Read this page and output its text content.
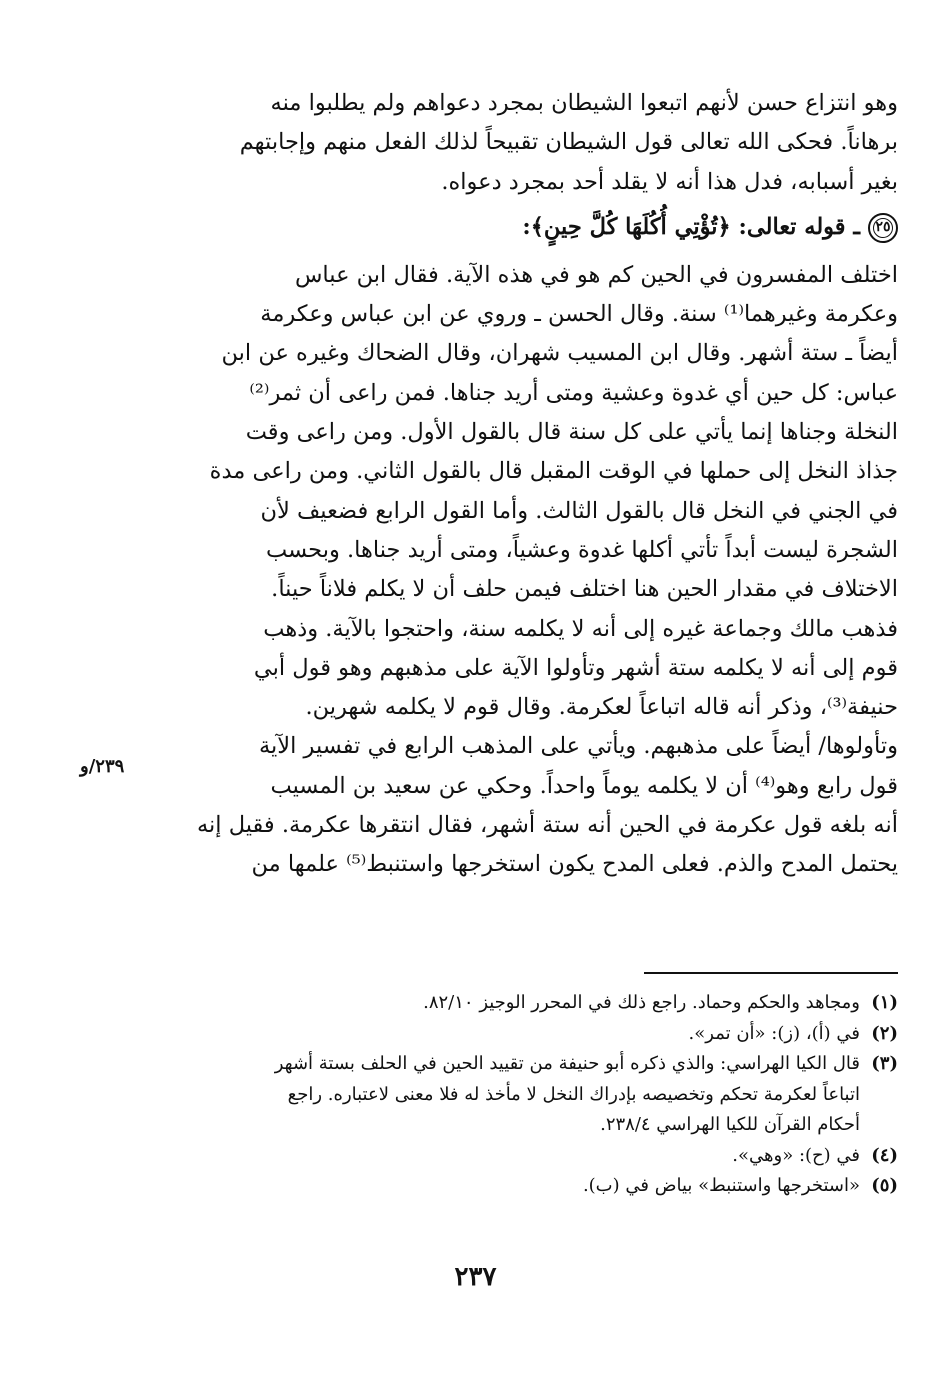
وهو انتزاع حسن لأنهم اتبعوا الشيطان بمجرد دعواهم ولم يطلبوا منه
برهاناً. فحكى الله تعالى قول الشيطان تقبيحاً لذلك الفعل منهم وإجابتهم
بغير أسبابه، فدل هذا أنه لا يقلد أحد بمجرد دعواه.
٢٥
ـ قوله تعالى: ﴿تُؤْتِي أُكُلَهَا كُلَّ حِينٍ﴾:
اختلف المفسرون في الحين كم هو في هذه الآية. فقال ابن عباس
وعكرمة وغيرهما⁽¹⁾ سنة. وقال الحسن ـ وروي عن ابن عباس وعكرمة
أيضاً ـ ستة أشهر. وقال ابن المسيب شهران، وقال الضحاك وغيره عن ابن
عباس: كل حين أي غدوة وعشية ومتى أريد جناها. فمن راعى أن ثمر⁽²⁾
النخلة وجناها إنما يأتي على كل سنة قال بالقول الأول. ومن راعى وقت
جذاذ النخل إلى حملها في الوقت المقبل قال بالقول الثاني. ومن راعى مدة
في الجني في النخل قال بالقول الثالث. وأما القول الرابع فضعيف لأن
الشجرة ليست أبداً تأتي أكلها غدوة وعشياً، ومتى أريد جناها. وبحسب
الاختلاف في مقدار الحين هنا اختلف فيمن حلف أن لا يكلم فلاناً حيناً.
فذهب مالك وجماعة غيره إلى أنه لا يكلمه سنة، واحتجوا بالآية. وذهب
قوم إلى أنه لا يكلمه ستة أشهر وتأولوا الآية على مذهبهم وهو قول أبي
حنيفة⁽³⁾، وذكر أنه قاله اتباعاً لعكرمة. وقال قوم لا يكلمه شهرين.
وتأولوها/ أيضاً على مذهبهم. ويأتي على المذهب الرابع في تفسير الآية
قول رابع وهو⁽⁴⁾ أن لا يكلمه يوماً واحداً. وحكي عن سعيد بن المسيب
أنه بلغه قول عكرمة في الحين أنه ستة أشهر، فقال انتقرها عكرمة. فقيل إنه
يحتمل المدح والذم. فعلى المدح يكون استخرجها واستنبط⁽⁵⁾ علمها من
٢٣٩/و
(١)
ومجاهد والحكم وحماد. راجع ذلك في المحرر الوجيز ٨٢/١٠.
(٢)
في (أ)، (ز): «أن تمر».
(٣)
قال الكيا الهراسي: والذي ذكره أبو حنيفة من تقييد الحين في الحلف بستة أشهر
اتباعاً لعكرمة تحكم وتخصيصه بإدراك النخل لا مأخذ له فلا معنى لاعتباره. راجع
أحكام القرآن للكيا الهراسي ٢٣٨/٤.
(٤)
في (ح): «وهي».
(٥)
«استخرجها واستنبط» بياض في (ب).
٢٣٧
